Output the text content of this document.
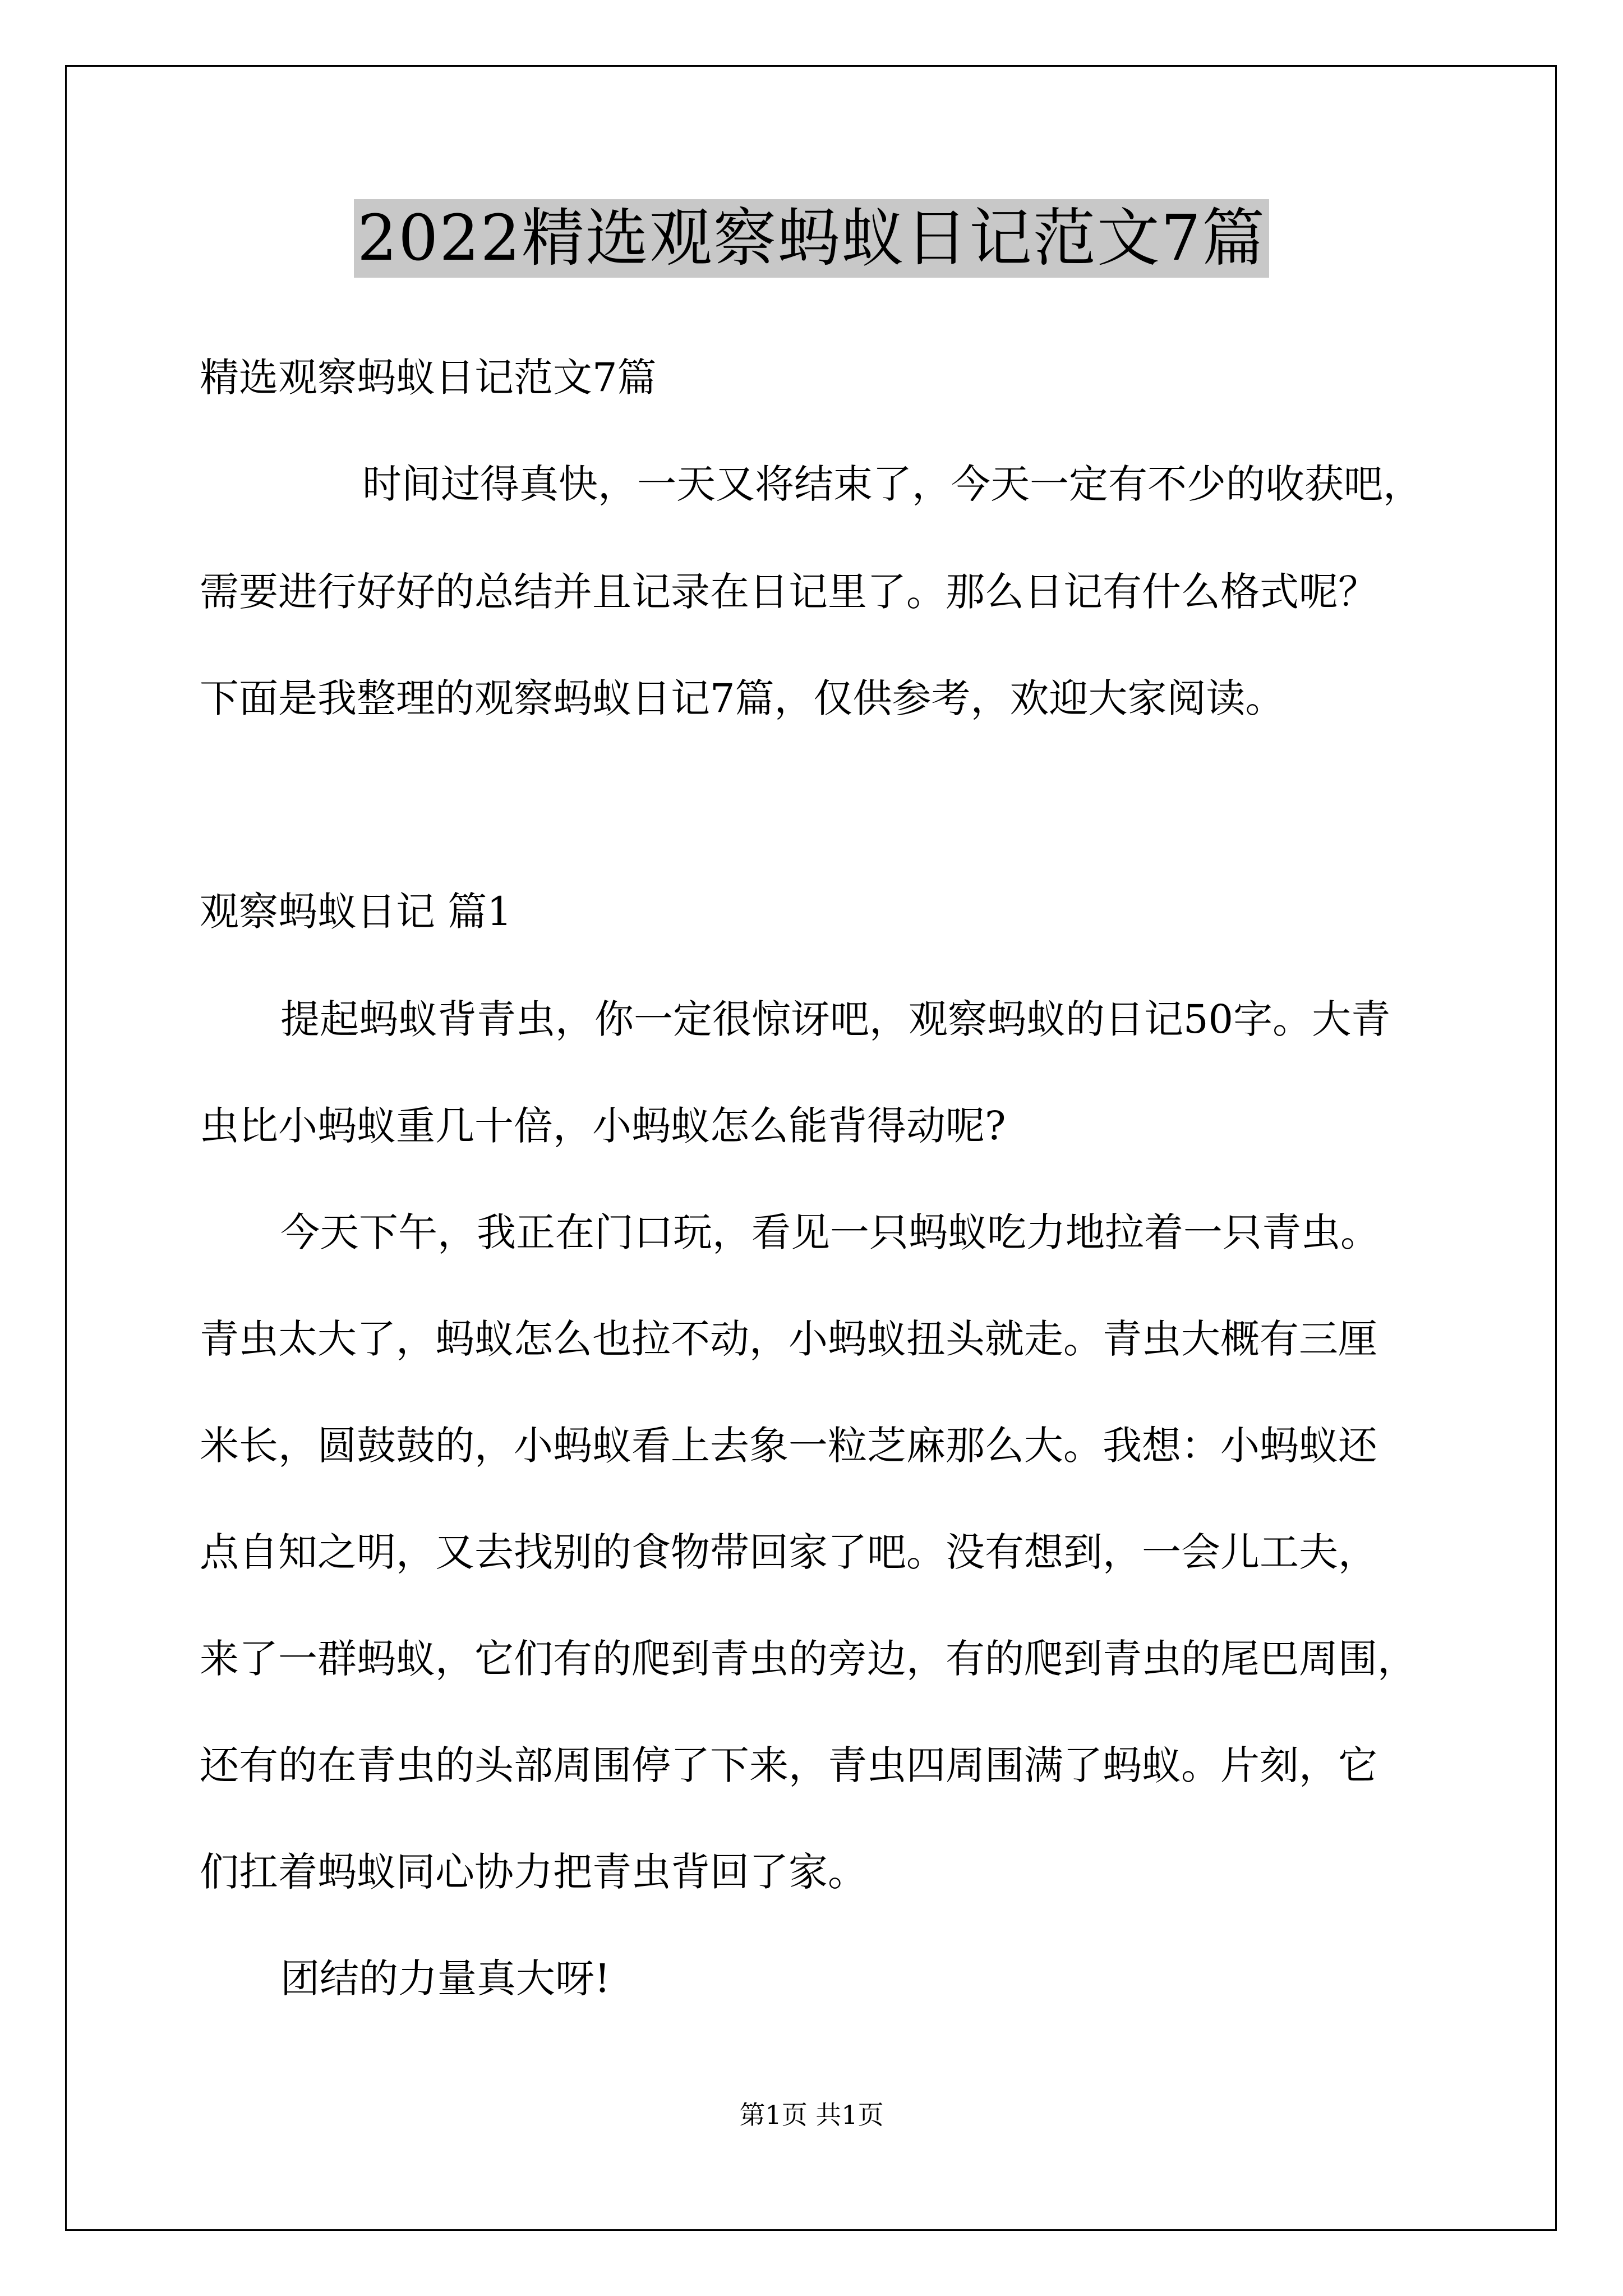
2022精选观察蚂蚁日记范文7篇
精选观察蚂蚁日记范文7篇
时间过得真快，一天又将结束了，今天一定有不少的收获吧，
需要进行好好的总结并且记录在日记里了。那么日记有什么格式呢？
下面是我整理的观察蚂蚁日记7篇，仅供参考，欢迎大家阅读。
观察蚂蚁日记 篇1
提起蚂蚁背青虫，你一定很惊讶吧，观察蚂蚁的日记50字。大青
虫比小蚂蚁重几十倍，小蚂蚁怎么能背得动呢?
今天下午，我正在门口玩，看见一只蚂蚁吃力地拉着一只青虫。
青虫太大了，蚂蚁怎么也拉不动，小蚂蚁扭头就走。青虫大概有三厘
米长，圆鼓鼓的，小蚂蚁看上去象一粒芝麻那么大。我想：小蚂蚁还
点自知之明，又去找别的食物带回家了吧。没有想到，一会儿工夫，
来了一群蚂蚁，它们有的爬到青虫的旁边，有的爬到青虫的尾巴周围，
还有的在青虫的头部周围停了下来，青虫四周围满了蚂蚁。片刻，它
们扛着蚂蚁同心协力把青虫背回了家。
团结的力量真大呀!
第1页 共1页
